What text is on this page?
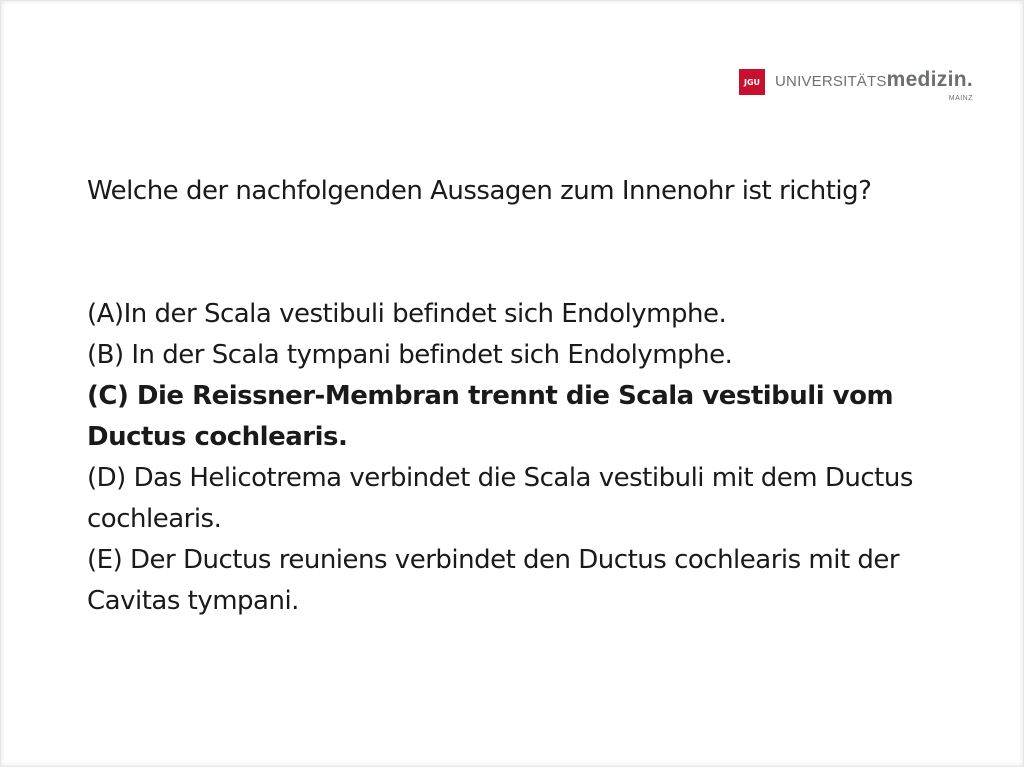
JGU UNIVERSITÄTSmedizin.
MAINZ

Welche der nachfolgenden Aussagen zum Innenohr ist richtig?

(A)In der Scala vestibuli befindet sich Endolymphe.

(B) In der Scala tympani befindet sich Endolymphe.

(C) Die Reissner-Membran trennt die Scala vestibuli vom Ductus cochlearis.

(D) Das Helicotrema verbindet die Scala vestibuli mit dem Ductus cochlearis.

(E) Der Ductus reuniens verbindet den Ductus cochlearis mit der Cavitas tympani.
